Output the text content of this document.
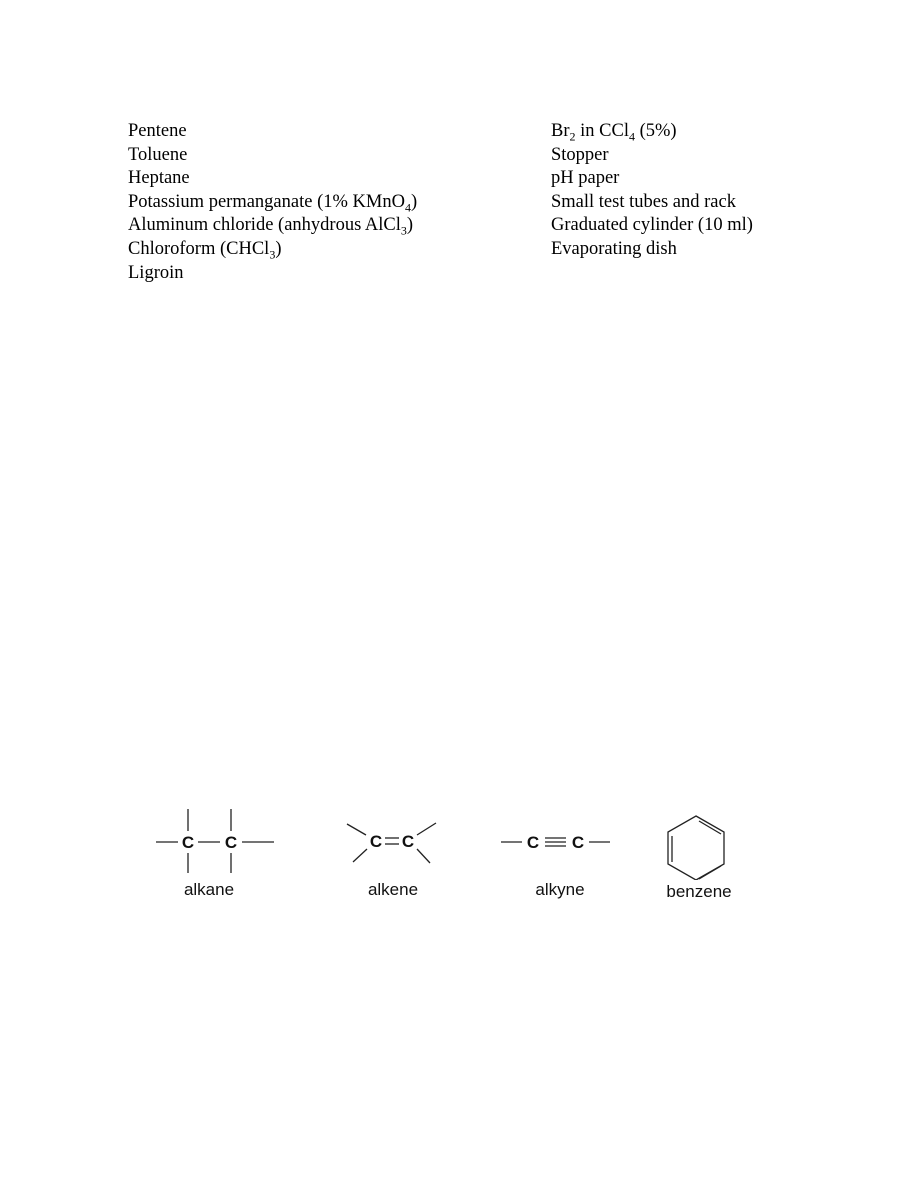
Pentene
Toluene
Heptane
Potassium permanganate (1% KMnO$_4$)
Aluminum chloride (anhydrous AlCl$_3$)
Chloroform (CHCl$_3$)
Ligroin
$Br_2$ in CCl$_4$ (5%)
Stopper
pH paper
Small test tubes and rack
Graduated cylinder (10 ml)
Evaporating dish
C C	C C	C C
alkane	alkene	alkyne	benzene
